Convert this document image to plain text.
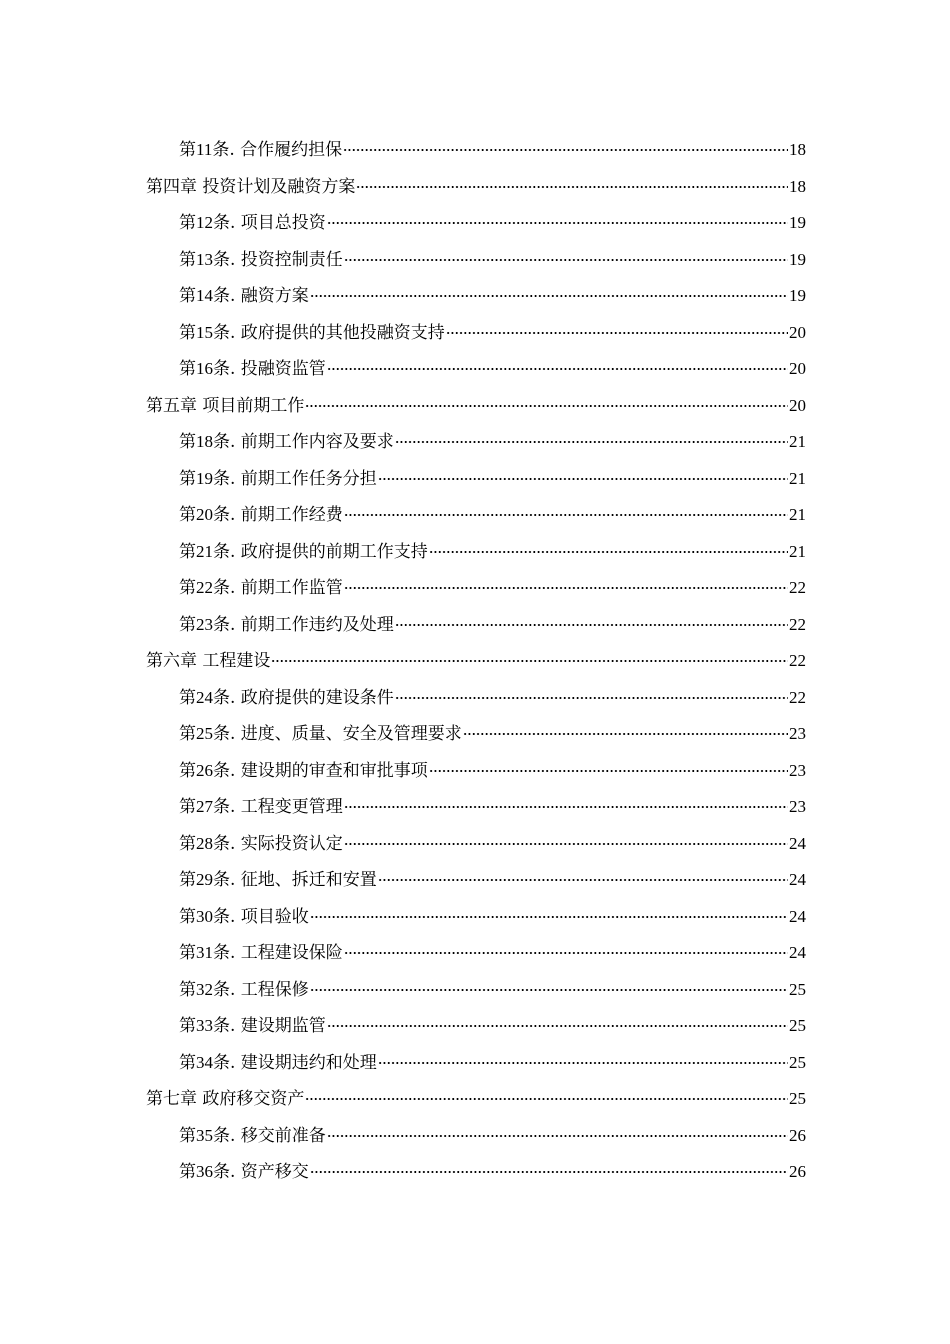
第11条. 合作履约担保	18
第四章 投资计划及融资方案	18
第12条. 项目总投资	19
第13条. 投资控制责任	19
第14条. 融资方案	19
第15条. 政府提供的其他投融资支持	20
第16条. 投融资监管	20
第五章 项目前期工作	20
第18条. 前期工作内容及要求	21
第19条. 前期工作任务分担	21
第20条. 前期工作经费	21
第21条. 政府提供的前期工作支持	21
第22条. 前期工作监管	22
第23条. 前期工作违约及处理	22
第六章 工程建设	22
第24条. 政府提供的建设条件	22
第25条. 进度、质量、安全及管理要求	23
第26条. 建设期的审查和审批事项	23
第27条. 工程变更管理	23
第28条. 实际投资认定	24
第29条. 征地、拆迁和安置	24
第30条. 项目验收	24
第31条. 工程建设保险	24
第32条. 工程保修	25
第33条. 建设期监管	25
第34条. 建设期违约和处理	25
第七章 政府移交资产	25
第35条. 移交前准备	26
第36条. 资产移交	26
